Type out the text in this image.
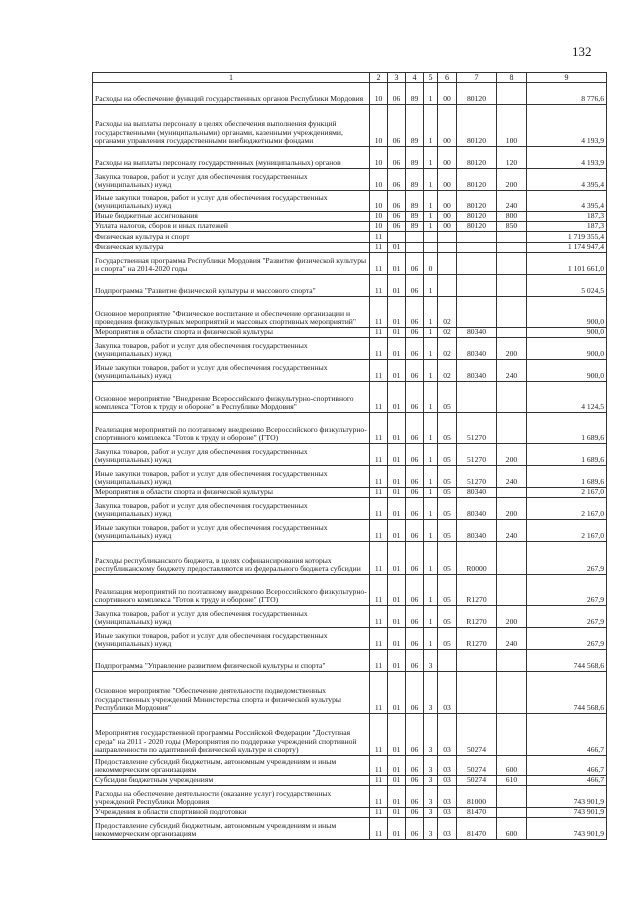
132
1	2	3	4	5	6	7	8	9
Расходы на обеспечение функций государственных органов Республики Мордовия	10	06	89	1	00	80120		8 776,6
Расходы на выплаты персоналу в целях обеспечения выполнения функций государственными (муниципальными) органами, казенными учреждениями, органами управления государственными внебюджетными фондами	10	06	89	1	00	80120	100	4 193,9
Расходы на выплаты персоналу государственных (муниципальных) органов	10	06	89	1	00	80120	120	4 193,9
Закупка товаров, работ и услуг для обеспечения государственных (муниципальных) нужд	10	06	89	1	00	80120	200	4 395,4
Иные закупки товаров, работ и услуг для обеспечения государственных (муниципальных) нужд	10	06	89	1	00	80120	240	4 395,4
Иные бюджетные ассигнования	10	06	89	1	00	80120	800	187,3
Уплата налогов, сборов и иных платежей	10	06	89	1	00	80120	850	187,3
Физическая культура и спорт	11							1 719 355,4
Физическая культура	11	01						1 174 947,4
Государственная программа Республики Мордовия "Развитие физической культуры и спорта" на 2014-2020 годы	11	01	06	0				1 101 661,0
Подпрограмма "Развитие физической культуры и массового спорта"	11	01	06	1				5 024,5
Основное мероприятие "Физическое воспитание и обеспечение организации и проведения физкультурных мероприятий и массовых спортивных мероприятий"	11	01	06	1	02			900,0
Мероприятия в области спорта и физической культуры	11	01	06	1	02	80340		900,0
Закупка товаров, работ и услуг для обеспечения государственных (муниципальных) нужд	11	01	06	1	02	80340	200	900,0
Иные закупки товаров, работ и услуг для обеспечения государственных (муниципальных) нужд	11	01	06	1	02	80340	240	900,0
Основное мероприятие "Внедрение Всероссийского физкультурно-спортивного комплекса "Готов к труду и обороне" в Республике Мордовия"	11	01	06	1	05			4 124,5
Реализация мероприятий по поэтапному внедрению Всероссийского физкультурно-спортивного комплекса "Готов к труду и обороне" (ГТО)	11	01	06	1	05	51270		1 689,6
Закупка товаров, работ и услуг для обеспечения государственных (муниципальных) нужд	11	01	06	1	05	51270	200	1 689,6
Иные закупки товаров, работ и услуг для обеспечения государственных (муниципальных) нужд	11	01	06	1	05	51270	240	1 689,6
Мероприятия в области спорта и физической культуры	11	01	06	1	05	80340		2 167,0
Закупка товаров, работ и услуг для обеспечения государственных (муниципальных) нужд	11	01	06	1	05	80340	200	2 167,0
Иные закупки товаров, работ и услуг для обеспечения государственных (муниципальных) нужд	11	01	06	1	05	80340	240	2 167,0
Расходы республиканского бюджета, в целях софинансирования которых республиканскому бюджету предоставляются из федерального бюджета субсидии	11	01	06	1	05	R0000		267,9
Реализация мероприятий по поэтапному внедрению Всероссийского физкультурно-спортивного комплекса "Готов к труду и обороне" (ГТО)	11	01	06	1	05	R1270		267,9
Закупка товаров, работ и услуг для обеспечения государственных (муниципальных) нужд	11	01	06	1	05	R1270	200	267,9
Иные закупки товаров, работ и услуг для обеспечения государственных (муниципальных) нужд	11	01	06	1	05	R1270	240	267,9
Подпрограмма "Управление развитием физической культуры и спорта"	11	01	06	3				744 568,6
Основное мероприятие "Обеспечение деятельности подведомственных государственных учреждений Министерства спорта и физической культуры Республики Мордовия"	11	01	06	3	03			744 568,6
Мероприятия государственной программы Российской Федерации "Доступная среда" на 2011 - 2020 годы (Мероприятия по поддержке учреждений спортивной направленности по адаптивной физической культуре и спорту)	11	01	06	3	03	50274		466,7
Предоставление субсидий бюджетным, автономным учреждениям и иным некоммерческим организациям	11	01	06	3	03	50274	600	466,7
Субсидии бюджетным учреждениям	11	01	06	3	03	50274	610	466,7
Расходы на обеспечение деятельности (оказание услуг) государственных учреждений Республики Мордовия	11	01	06	3	03	81000		743 901,9
Учреждения в области спортивной подготовки	11	01	06	3	03	81470		743 901,9
Предоставление субсидий бюджетным, автономным учреждениям и иным некоммерческим организациям	11	01	06	3	03	81470	600	743 901,9
